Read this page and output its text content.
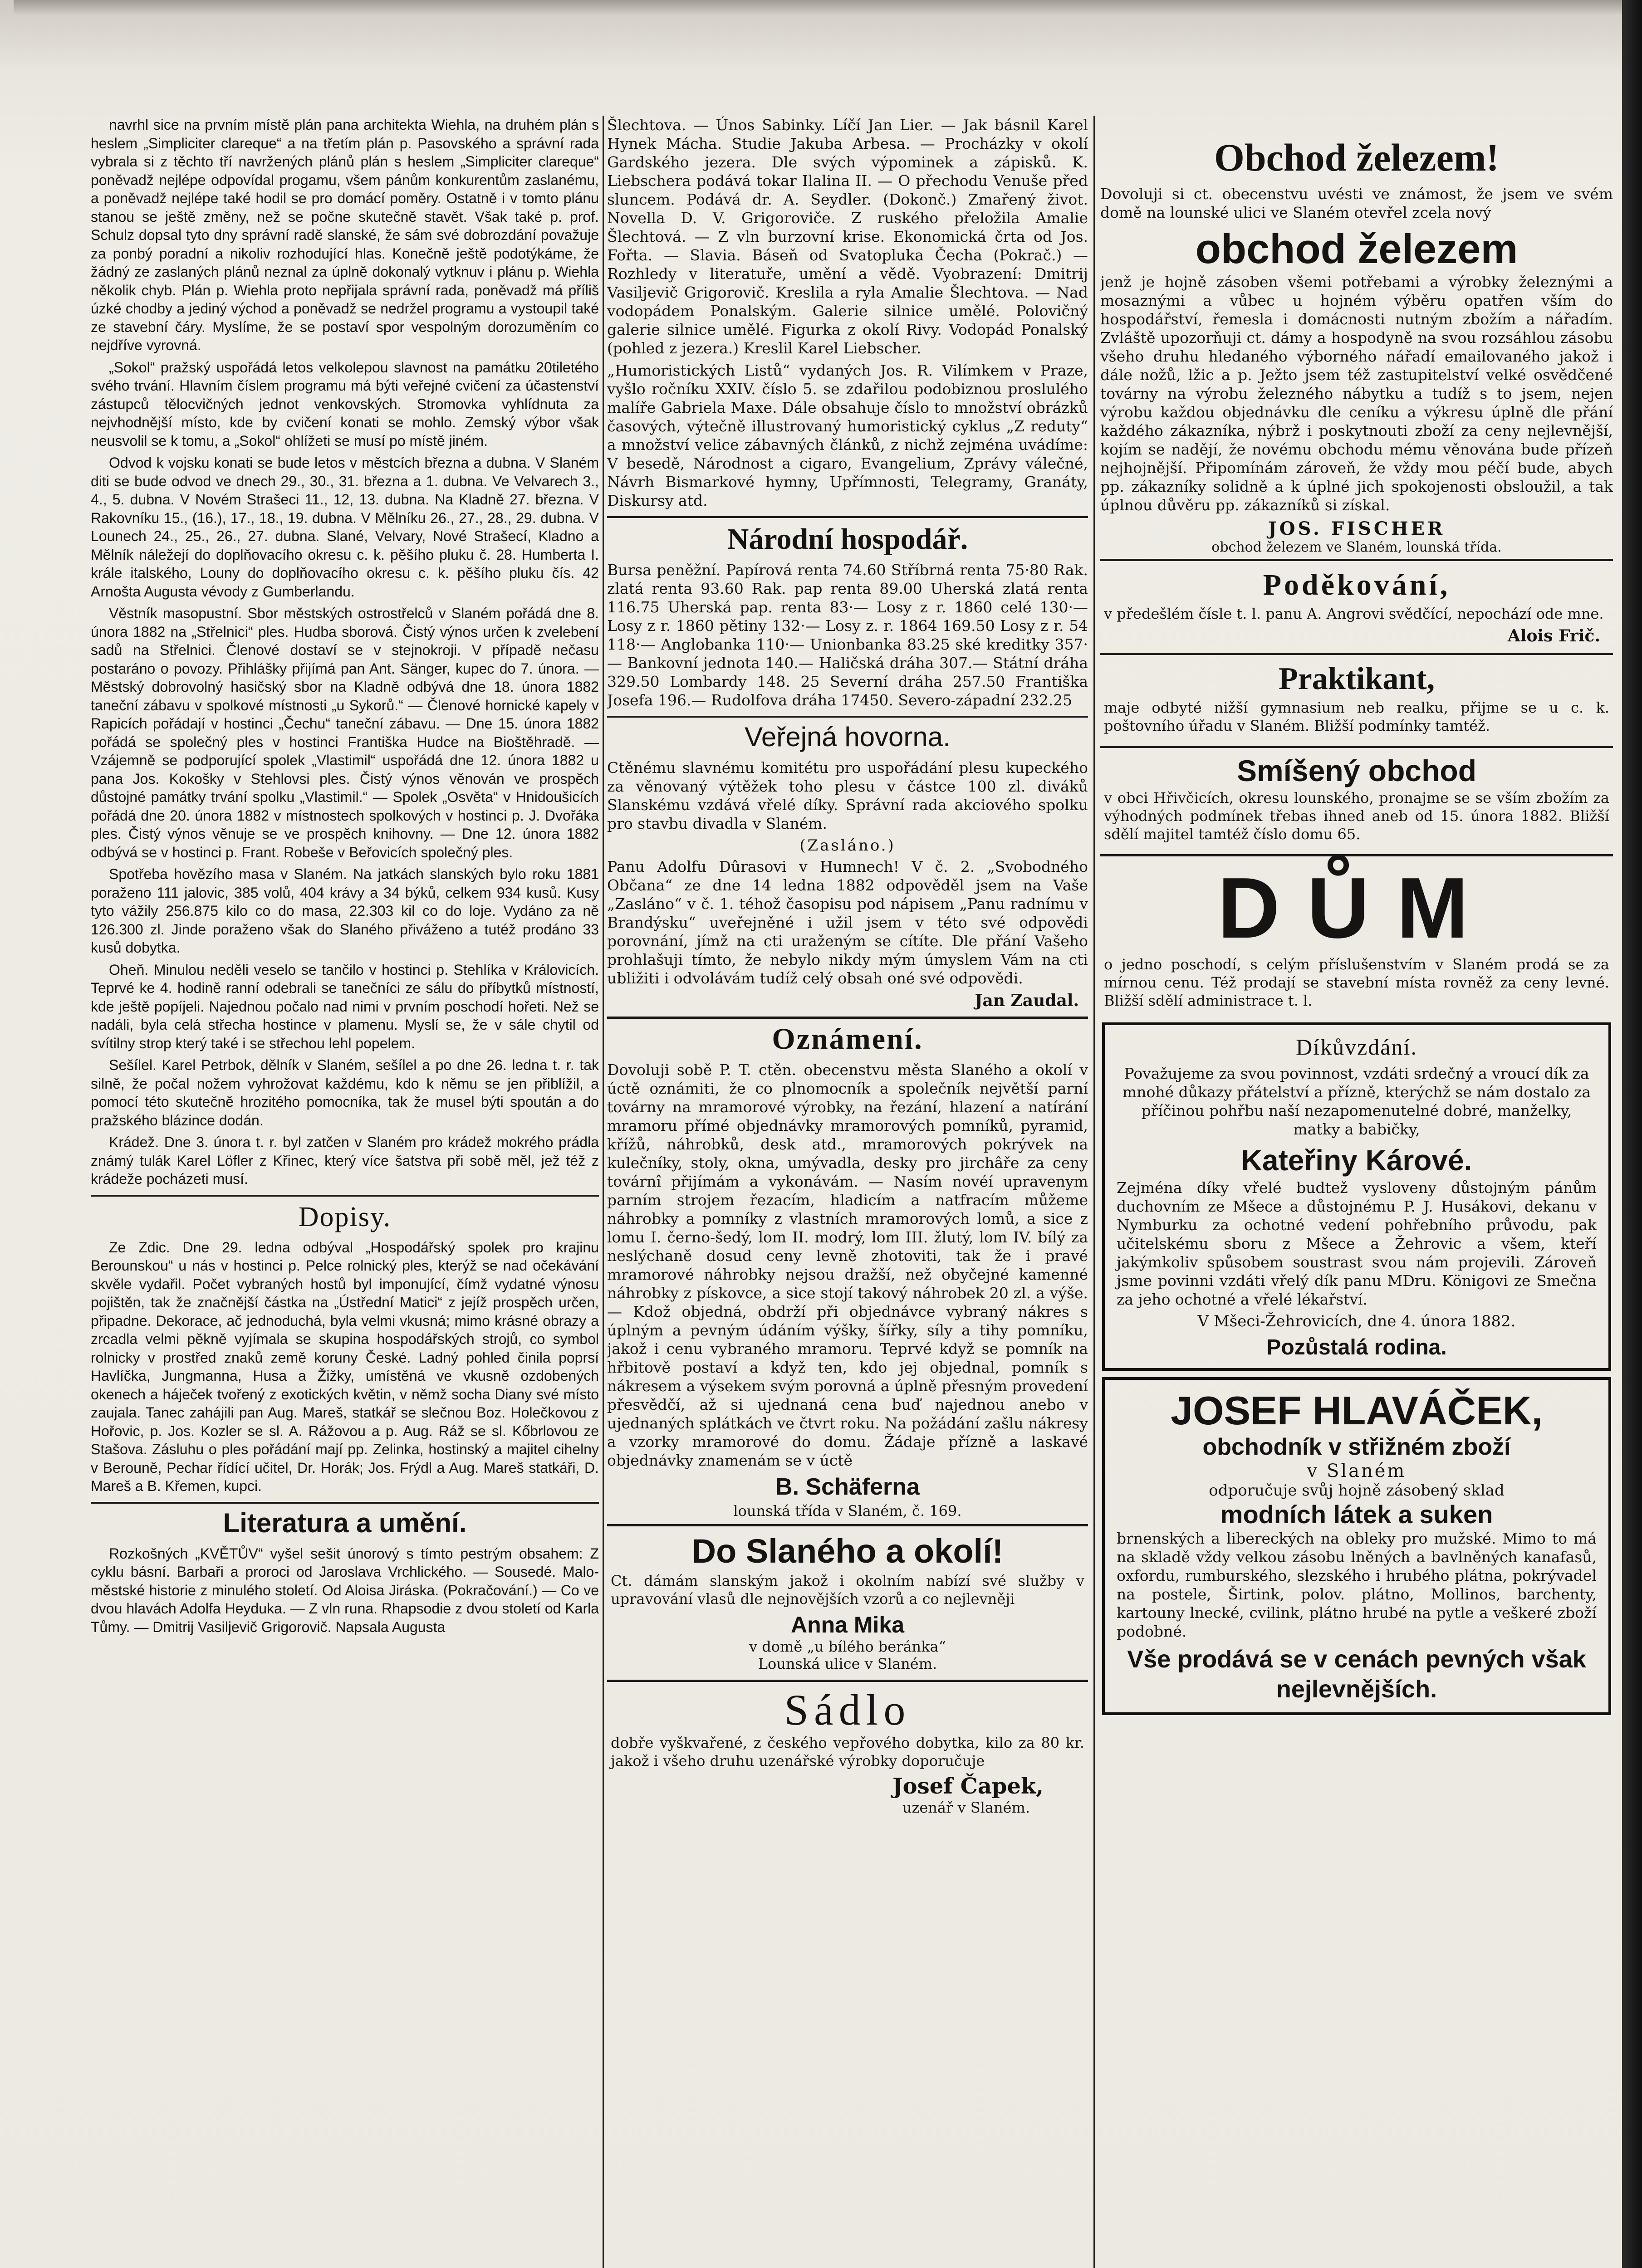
navrhl sice na prvním místě plán pana architekta Wiehla, na druhém plán s heslem „Simpliciter clareque“ a na třetím plán p. Pasovského a správní rada vybrala si z těchto tří navržených plánů plán s heslem „Simpliciter clareque“ poněvadž nejlépe odpovídal progamu, všem pánům konkurentům zaslanému, a poněvadž nejlépe také hodil se pro domácí poměry. Ostatně i v tomto plánu stanou se ještě změny, než se počne skutečně stavět. Však také p. prof. Schulz dopsal tyto dny správní radě slanské, že sám své dobrozdání považuje za ponbý poradní a nikoliv rozhodující hlas. Konečně ještě podotýkáme, že žádný ze zaslaných plánů neznal za úplně dokonalý vytknuv i plánu p. Wiehla několik chyb. Plán p. Wiehla proto nepřijala správní rada, poněvadž má příliš úzké chodby a jediný východ a poněvadž se nedržel programu a vystoupil také ze stavební čáry. Myslíme, že se postaví spor vespolným dorozuměním co nejdříve vyrovná.

„Sokol“ pražský uspořádá letos velkolepou slavnost na památku 20tiletého svého trvání. Hlavním číslem programu má býti veřejné cvičení za účastenství zástupců tělocvičných jednot venkovských. Stromovka vyhlídnuta za nejvhodnější místo, kde by cvičení konati se mohlo. Zemský výbor však neusvolil se k tomu, a „Sokol“ ohlížeti se musí po místě jiném.

Odvod k vojsku konati se bude letos v městcích března a dubna. V Slaném diti se bude odvod ve dnech 29., 30., 31. března a 1. dubna. Ve Velvarech 3., 4., 5. dubna. V Novém Strašeci 11., 12, 13. dubna. Na Kladně 27. března. V Rakovníku 15., (16.), 17., 18., 19. dubna. V Mělníku 26., 27., 28., 29. dubna. V Lounech 24., 25., 26., 27. dubna. Slané, Velvary, Nové Strašecí, Kladno a Mělník náležejí do doplňovacího okresu c. k. pěšího pluku č. 28. Humberta I. krále italského, Louny do doplňovacího okresu c. k. pěšího pluku čís. 42 Arnošta Augusta vévody z Gumberlandu.

Věstník masopustní. Sbor městských ostrostřelců v Slaném pořádá dne 8. února 1882 na „Střelnici“ ples. Hudba sborová. Čistý výnos určen k zvelebení sadů na Střelnici. Členové dostaví se v stejnokroji. V případě nečasu postaráno o povozy. Přihlášky přijímá pan Ant. Sänger, kupec do 7. února. — Městský dobrovolný hasičský sbor na Kladně odbývá dne 18. února 1882 taneční zábavu v spolkové místnosti „u Sykorů.“ — Členové hornické kapely v Rapicích pořádají v hostinci „Čechu“ taneční zábavu. — Dne 15. února 1882 pořádá se společný ples v hostinci Františka Hudce na Bioštěhradě. — Vzájemně se podporující spolek „Vlastimil“ uspořádá dne 12. února 1882 u pana Jos. Kokošky v Stehlovsi ples. Čistý výnos věnován ve prospěch důstojné památky trvání spolku „Vlastimil.“ — Spolek „Osvěta“ v Hnidoušicích pořádá dne 20. února 1882 v místnostech spolkových v hostinci p. J. Dvořáka ples. Čistý výnos věnuje se ve prospěch knihovny. — Dne 12. února 1882 odbývá se v hostinci p. Frant. Robeše v Beřovicích společný ples.

Spotřeba hovězího masa v Slaném. Na jatkách slanských bylo roku 1881 poraženo 111 jalovic, 385 volů, 404 krávy a 34 býků, celkem 934 kusů. Kusy tyto vážily 256.875 kilo co do masa, 22.303 kil co do loje. Vydáno za ně 126.300 zl. Jinde poraženo však do Slaného přiváženo a tutéž prodáno 33 kusů dobytka.

Oheň. Minulou neděli veselo se tančilo v hostinci p. Stehlíka v Královicích. Teprvé ke 4. hodině ranní odebrali se tanečníci ze sálu do příbytků místností, kde ještě popíjeli. Najednou počalo nad nimi v prvním poschodí hořeti. Než se nadáli, byla celá střecha hostince v plamenu. Myslí se, že v sále chytil od svítilny strop který také i se střechou lehl popelem.

Sešílel. Karel Petrbok, dělník v Slaném, sešílel a po dne 26. ledna t. r. tak silně, že počal nožem vyhrožovat každému, kdo k němu se jen přiblížil, a pomocí této skutečně hrozitého pomocníka, tak že musel býti spoután a do pražského blázince dodán.

Krádež. Dne 3. února t. r. byl zatčen v Slaném pro krádež mokrého prádla známý tulák Karel Löfler z Křinec, který více šatstva při sobě měl, jež též z krádeže pocházeti musí.

Dopisy.

Ze Zdic. Dne 29. ledna odbýval „Hospodářský spolek pro krajinu Berounskou“ u nás v hostinci p. Pelce rolnický ples, kterýž se nad očekávání skvěle vydařil. Počet vybraných hostů byl imponující, čímž vydatné výnosu pojištěn, tak že značnější částka na „Ústřední Matici“ z jejíž prospěch určen, připadne. Dekorace, ač jednoduchá, byla velmi vkusná; mimo krásné obrazy a zrcadla velmi pěkně vyjímala se skupina hospodářských strojů, co symbol rolnicky v prostřed znaků země koruny České. Ladný pohled činila poprsí Havlíčka, Jungmanna, Husa a Žižky, umístěná ve vkusně ozdobených okenech a háječek tvořený z exotických květin, v němž socha Diany své místo zaujala. Tanec zahájili pan Aug. Mareš, statkář se slečnou Boz. Holečkovou z Hořovic, p. Jos. Kozler se sl. A. Rážovou a p. Aug. Ráž se sl. Kőbrlovou ze Stašova. Zásluhu o ples pořádání mají pp. Zelinka, hostinský a majitel cihelny v Berouně, Pechar řídící učitel, Dr. Horák; Jos. Frýdl a Aug. Mareš statkáři, D. Mareš a B. Křemen, kupci.

Literatura a umění.

Rozkošných „KVĚTŮV“ vyšel sešit únorový s tímto pestrým obsahem: Z cyklu básní. Barbaři a proroci od Jaroslava Vrchlického. — Sousedé. Malo-městské historie z minulého století. Od Aloisa Jiráska. (Pokračování.) — Co ve dvou hlavách Adolfa Heyduka. — Z vln runa. Rhapsodie z dvou století od Karla Tůmy. — Dmitrij Vasiljevič Grigorovič. Napsala Augusta

Šlechtova. — Únos Sabinky. Líčí Jan Lier. — Jak básnil Karel Hynek Mácha. Studie Jakuba Arbesa. — Procházky v okolí Gardského jezera. Dle svých výpominek a zápisků. K. Liebschera podává tokar Ilalina II. — O přechodu Venuše před sluncem. Podává dr. A. Seydler. (Dokonč.) Zmařený život. Novella D. V. Grigoroviče. Z ruského přeložila Amalie Šlechtová. — Z vln burzovní krise. Ekonomická črta od Jos. Fořta. — Slavia. Báseň od Svatopluka Čecha (Pokrač.) — Rozhledy v literatuře, umění a vědě. Vyobrazení: Dmitrij Vasiljevič Grigorovič. Kreslila a ryla Amalie Šlechtova. — Nad vodopádem Ponalským. Galerie silnice umělé. Polovičný galerie silnice umělé. Figurka z okolí Rivy. Vodopád Ponalský (pohled z jezera.) Kreslil Karel Liebscher.

„Humoristických Listů“ vydaných Jos. R. Vilímkem v Praze, vyšlo ročníku XXIV. číslo 5. se zdařilou podobiznou proslulého malíře Gabriela Maxe. Dále obsahuje číslo to množství obrázků časových, výtečně illustrovaný humoristický cyklus „Z reduty“ a množství velice zábavných článků, z nichž zejména uvádíme: V besedě, Národnost a cigaro, Evangelium, Zprávy válečné, Návrh Bismarkové hymny, Upřímnosti, Telegramy, Granáty, Diskursy atd.

Národní hospodář.

Bursa peněžní. Papírová renta 74.60 Stříbrná renta 75·80 Rak. zlatá renta 93.60 Rak. pap renta 89.00 Uherská zlatá renta 116.75 Uherská pap. renta 83·— Losy z r. 1860 celé 130·— Losy z r. 1860 pětiny 132·— Losy z. r. 1864 169.50 Losy z r. 54 118·— Anglobanka 110·— Unionbanka 83.25 ské kreditky 357·— Bankovní jednota 140.— Haličská dráha 307.— Státní dráha 329.50 Lombardy 148. 25 Severní dráha 257.50 Františka Josefa 196.— Rudolfova dráha 17450. Severo-západní 232.25

Veřejná hovorna.

Ctěnému slavnému komitétu pro uspořádání plesu kupeckého za věnovaný výtěžek toho plesu v částce 100 zl. diváků Slanskému vzdává vřelé díky. Správní rada akciového spolku pro stavbu divadla v Slaném.

(Zasláno.)

Panu Adolfu Dûrasovi v Humnech! V č. 2. „Svobodného Občana“ ze dne 14 ledna 1882 odpověděl jsem na Vaše „Zasláno“ v č. 1. téhož časopisu pod nápisem „Panu radnímu v Brandýsku“ uveřejněné i užil jsem v této své odpovědi porovnání, jímž na cti uraženým se cítíte. Dle přání Vašeho prohlašuji tímto, že nebylo nikdy mým úmyslem Vám na cti ubližiti i odvolávám tudíž celý obsah oné své odpovědi.

Jan Zaudal.
Oznámení.

Dovoluji sobě P. T. ctěn. obecenstvu města Slaného a okolí v úctě oznámiti, že co plnomocník a společník největší parní továrny na mramorové výrobky, na řezání, hlazení a natírání mramoru přímé objednávky mramorových pomníků, pyramid, křížů, náhrobků, desk atd., mramorových pokrývek na kulečníky, stoly, okna, umývadla, desky pro jirchâře za ceny továrnî přijímám a vykonávám. — Nasím novéí upravenym parním strojem řezacím, hladicím a natfracím můžeme náhrobky a pomníky z vlastních mramorových lomů, a sice z lomu I. černo-šedý, lom II. modrý, lom III. žlutý, lom IV. bílý za neslýchaně dosud ceny levně zhotoviti, tak že i pravé mramorové náhrobky nejsou dražší, než obyčejné kamenné náhrobky z pískovce, a sice stojí takový náhrobek 20 zl. a výše. — Kdož objedná, obdrží při objednávce vybraný nákres s úplným a pevným údáním výšky, šířky, síly a tihy pomníku, jakož i cenu vybraného mramoru. Teprvé když se pomník na hřbitově postaví a když ten, kdo jej objednal, pomník s nákresem a výsekem svým porovná a úplně přesným provedení přesvědčí, až si ujednaná cena buď najednou anebo v ujednaných splátkách ve čtvrt roku. Na požádání zašlu nákresy a vzorky mramorové do domu. Žádaje přízně a laskavé objednávky znamenám se v úctě

B. Schäferna
lounská třída v Slaném, č. 169.
Do Slaného a okolí!

Ct. dámám slanským jakož i okolním nabízí své služby v upravování vlasů dle nejnovějších vzorů a co nejlevněji

Anna Mika
v domě „u bílého beránka“
Lounská ulice v Slaném.
Sádlo

dobře vyškvařené, z českého vepřového dobytka, kilo za 80 kr. jakož i všeho druhu uzenářské výrobky doporučuje

Josef Čapek,
uzenář v Slaném.
Obchod železem!

Dovoluji si ct. obecenstvu uvésti ve známost, že jsem ve svém domě na lounské ulici ve Slaném otevřel zcela nový

obchod železem

jenž je hojně zásoben všemi potřebami a výrobky železnými a mosaznými a vůbec u hojném výběru opatřen vším do hospodářství, řemesla i domácnosti nutným zbožím a nářadím. Zvláště upozorňuji ct. dámy a hospodyně na svou rozsáhlou zásobu všeho druhu hledaného výborného nářadí emailovaného jakož i dále nožů, lžic a p. Ježto jsem též zastupitelství velké osvědčené továrny na výrobu železného nábytku a tudíž s to jsem, nejen výrobu každou objednávku dle ceníku a výkresu úplně dle přání každého zákazníka, nýbrž i poskytnouti zboží za ceny nejlevnější, kojím se nadějí, že novému obchodu mému věnována bude přízeň nejhojnější. Připomínám zároveň, že vždy mou péčí bude, abych pp. zákazníky solidně a k úplné jich spokojenosti obsloužil, a tak úplnou důvěru pp. zákazníků si získal.

JOS. FISCHER
obchod železem ve Slaném, lounská třída.
Poděkování,

v předešlém čísle t. l. panu A. Angrovi svědčící, nepochází ode mne.

Alois Frič.
Praktikant,

maje odbyté nižší gymnasium neb realku, přijme se u c. k. poštovního úřadu v Slaném. Bližší podmínky tamtéž.

Smíšený obchod

v obci Hřivčicích, okresu lounského, pronajme se se vším zbožím za výhodných podmínek třebas ihned aneb od 15. února 1882. Bližší sdělí majitel tamtéž číslo domu 65.

DŮM

o jedno poschodí, s celým příslušenstvím v Slaném prodá se za mírnou cenu. Též prodají se stavební místa rovněž za ceny levné. Bližší sdělí administrace t. l.

Díkůvzdání.

Považujeme za svou povinnost, vzdáti srdečný a vroucí dík za mnohé důkazy přátelství a přízně, kterýchž se nám dostalo za příčinou pohřbu naší nezapomenutelné dobré, manželky, matky a babičky,

Kateřiny Kárové.

Zejména díky vřelé budtež vysloveny důstojným pánům duchovním ze Mšece a důstojnému P. J. Husákovi, dekanu v Nymburku za ochotné vedení pohřebního průvodu, pak učitelskému sboru z Mšece a Žehrovic a všem, kteří jakýmkoliv spůsobem soustrast svou nám projevili. Zároveň jsme povinni vzdáti vřelý dík panu MDru. Königovi ze Smečna za jeho ochotné a vřelé lékařství.

V Mšeci-Žehrovicích, dne 4. února 1882.
Pozůstalá rodina.
JOSEF HLAVÁČEK,
obchodník v střižném zboží
v Slaném
odporučuje svůj hojně zásobený sklad
modních látek a suken

brnenských a libereckých na obleky pro mužské. Mimo to má na skladě vždy velkou zásobu lněných a bavlněných kanafasů, oxfordu, rumburského, slezského i hrubého plátna, pokrývadel na postele, Širtink, polov. plátno, Mollinos, barchenty, kartouny lnecké, cvilink, plátno hrubé na pytle a veškeré zboží podobné.

Vše prodává se v cenách pevných však nejlevnějších.
